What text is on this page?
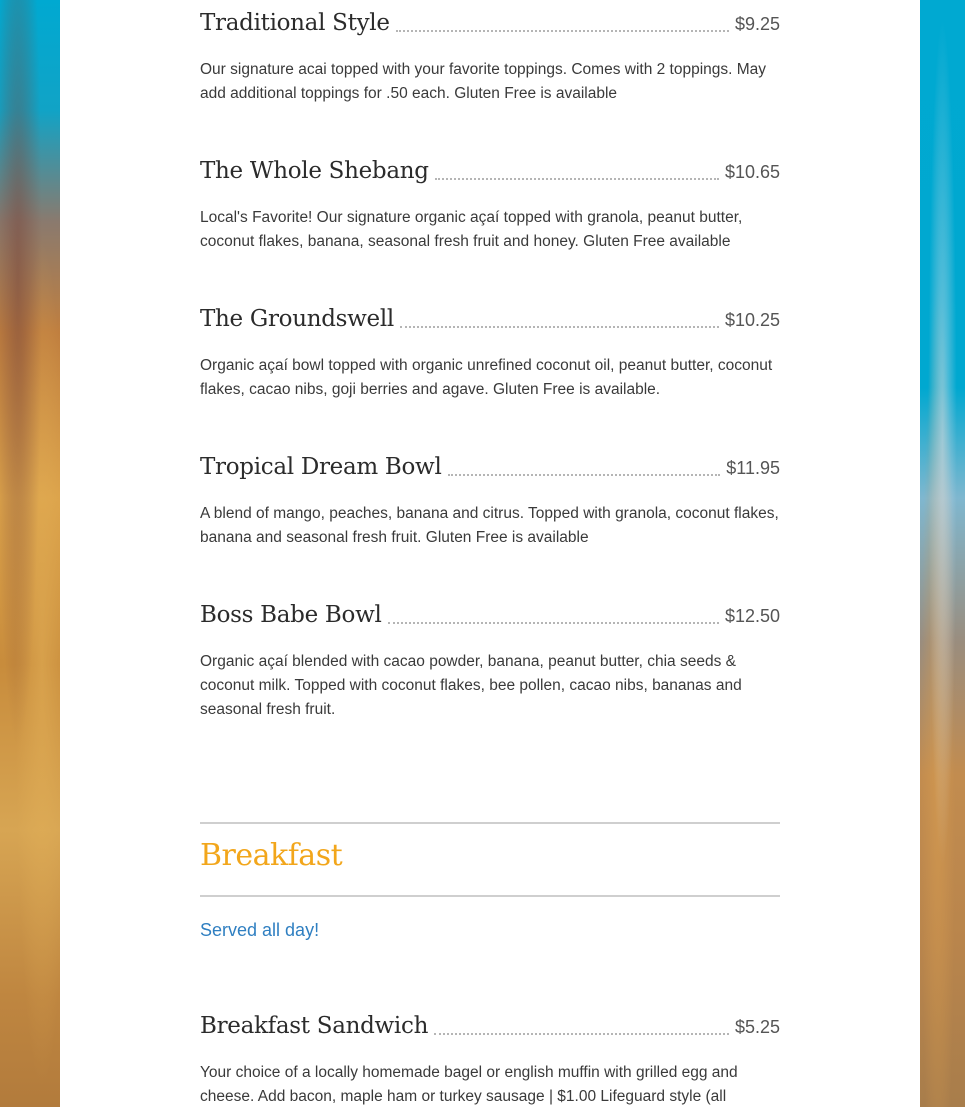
Traditional Style	$9.25
Our signature acai topped with your favorite toppings. Comes with 2 toppings. May add additional toppings for .50 each. Gluten Free is available
The Whole Shebang	$10.65
Local's Favorite! Our signature organic açaí topped with granola, peanut butter, coconut flakes, banana, seasonal fresh fruit and honey. Gluten Free available
The Groundswell	$10.25
Organic açaí bowl topped with organic unrefined coconut oil, peanut butter, coconut flakes, cacao nibs, goji berries and agave. Gluten Free is available.
Tropical Dream Bowl	$11.95
A blend of mango, peaches, banana and citrus. Topped with granola, coconut flakes, banana and seasonal fresh fruit. Gluten Free is available
Boss Babe Bowl	$12.50
Organic açaí blended with cacao powder, banana, peanut butter, chia seeds & coconut milk. Topped with coconut flakes, bee pollen, cacao nibs, bananas and seasonal fresh fruit.
Breakfast
Served all day!
Breakfast Sandwich	$5.25
Your choice of a locally homemade bagel or english muffin with grilled egg and cheese. Add bacon, maple ham or turkey sausage | $1.00 Lifeguard style (all
